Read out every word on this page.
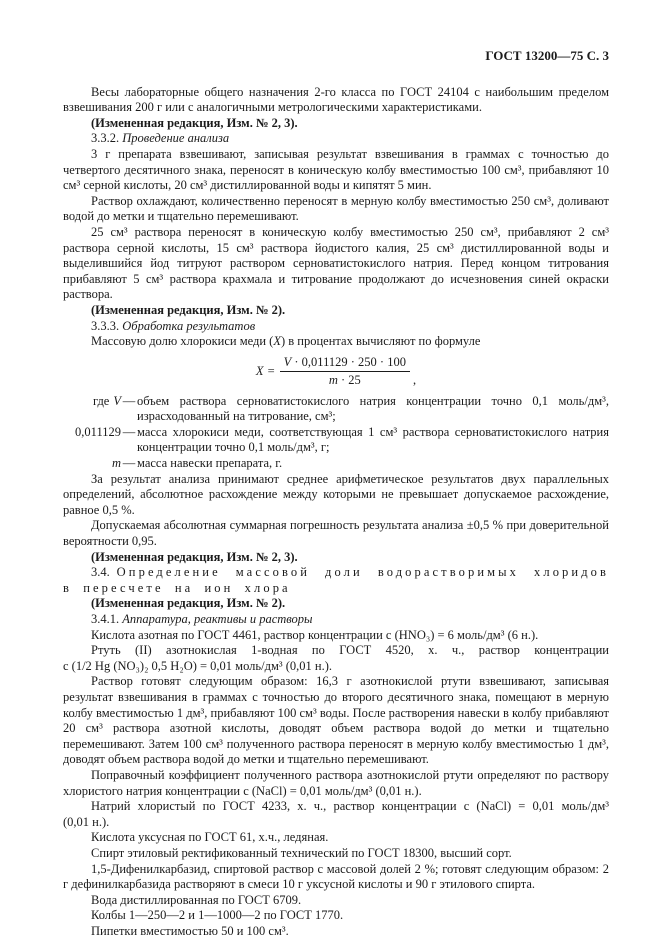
ГОСТ 13200—75 С. 3

Весы лабораторные общего назначения 2-го класса по ГОСТ 24104 с наибольшим пределом взвешивания 200 г или с аналогичными метрологическими характеристиками.

(Измененная редакция, Изм. № 2, 3).

3.3.2. Проведение анализа

3 г препарата взвешивают, записывая результат взвешивания в граммах с точностью до четвертого десятичного знака, переносят в коническую колбу вместимостью 100 см³, прибавляют 10 см³ серной кислоты, 20 см³ дистиллированной воды и кипятят 5 мин.

Раствор охлаждают, количественно переносят в мерную колбу вместимостью 250 см³, доливают водой до метки и тщательно перемешивают.

25 см³ раствора переносят в коническую колбу вместимостью 250 см³, прибавляют 2 см³ раствора серной кислоты, 15 см³ раствора йодистого калия, 25 см³ дистиллированной воды и выделившийся йод титруют раствором серноватистокислого натрия. Перед концом титрования прибавляют 5 см³ раствора крахмала и титрование продолжают до исчезновения синей окраски раствора.

(Измененная редакция, Изм. № 2).

3.3.3. Обработка результатов

Массовую долю хлорокиси меди (X) в процентах вычисляют по формуле

$X = \frac{V \cdot 0,011129 \cdot 250 \cdot 100}{m \cdot 25}$ ,
где V — объем раствора серноватистокислого натрия концентрации точно 0,1 моль/дм³, израсходованный на титрование, см³;
0,011129 — масса хлорокиси меди, соответствующая 1 см³ раствора серноватистокислого натрия концентрации точно 0,1 моль/дм³, г;
m — масса навески препарата, г.

За результат анализа принимают среднее арифметическое результатов двух параллельных определений, абсолютное расхождение между которыми не превышает допускаемое расхождение, равное 0,5 %.

Допускаемая абсолютная суммарная погрешность результата анализа ±0,5 % при доверительной вероятности 0,95.

(Измененная редакция, Изм. № 2, 3).

3.4. Определение массовой доли водорастворимых хлоридов
в пересчете на ион хлора

(Измененная редакция, Изм. № 2).

3.4.1. Аппаратура, реактивы и растворы

Кислота азотная по ГОСТ 4461, раствор концентрации с (HNO₃) = 6 моль/дм³ (6 н.).

Ртуть (II) азотнокислая 1-водная по ГОСТ 4520, х. ч., раствор концентрации
с (1/2 Hg (NO₃)₂ 0,5 H₂O) = 0,01 моль/дм³ (0,01 н.).

Раствор готовят следующим образом: 16,3 г азотнокислой ртути взвешивают, записывая результат взвешивания в граммах с точностью до второго десятичного знака, помещают в мерную колбу вместимостью 1 дм³, прибавляют 100 см³ воды. После растворения навески в колбу прибавляют 20 см³ раствора азотной кислоты, доводят объем раствора водой до метки и тщательно перемешивают. Затем 100 см³ полученного раствора переносят в мерную колбу вместимостью 1 дм³, доводят объем раствора водой до метки и тщательно перемешивают.

Поправочный коэффициент полученного раствора азотнокислой ртути определяют по раствору хлористого натрия концентрации с (NaCl) = 0,01 моль/дм³ (0,01 н.).

Натрий хлористый по ГОСТ 4233, х. ч., раствор концентрации с (NaCl) = 0,01 моль/дм³
(0,01 н.).

Кислота уксусная по ГОСТ 61, х.ч., ледяная.

Спирт этиловый ректификованный технический по ГОСТ 18300, высший сорт.

1,5-Дифенилкарбазид, спиртовой раствор с массовой долей 2 %; готовят следующим образом: 2 г дефинилкарбазида растворяют в смеси 10 г уксусной кислоты и 90 г этилового спирта.

Вода дистиллированная по ГОСТ 6709.

Колбы 1—250—2 и 1—1000—2 по ГОСТ 1770.

Пипетки вместимостью 50 и 100 см³.
